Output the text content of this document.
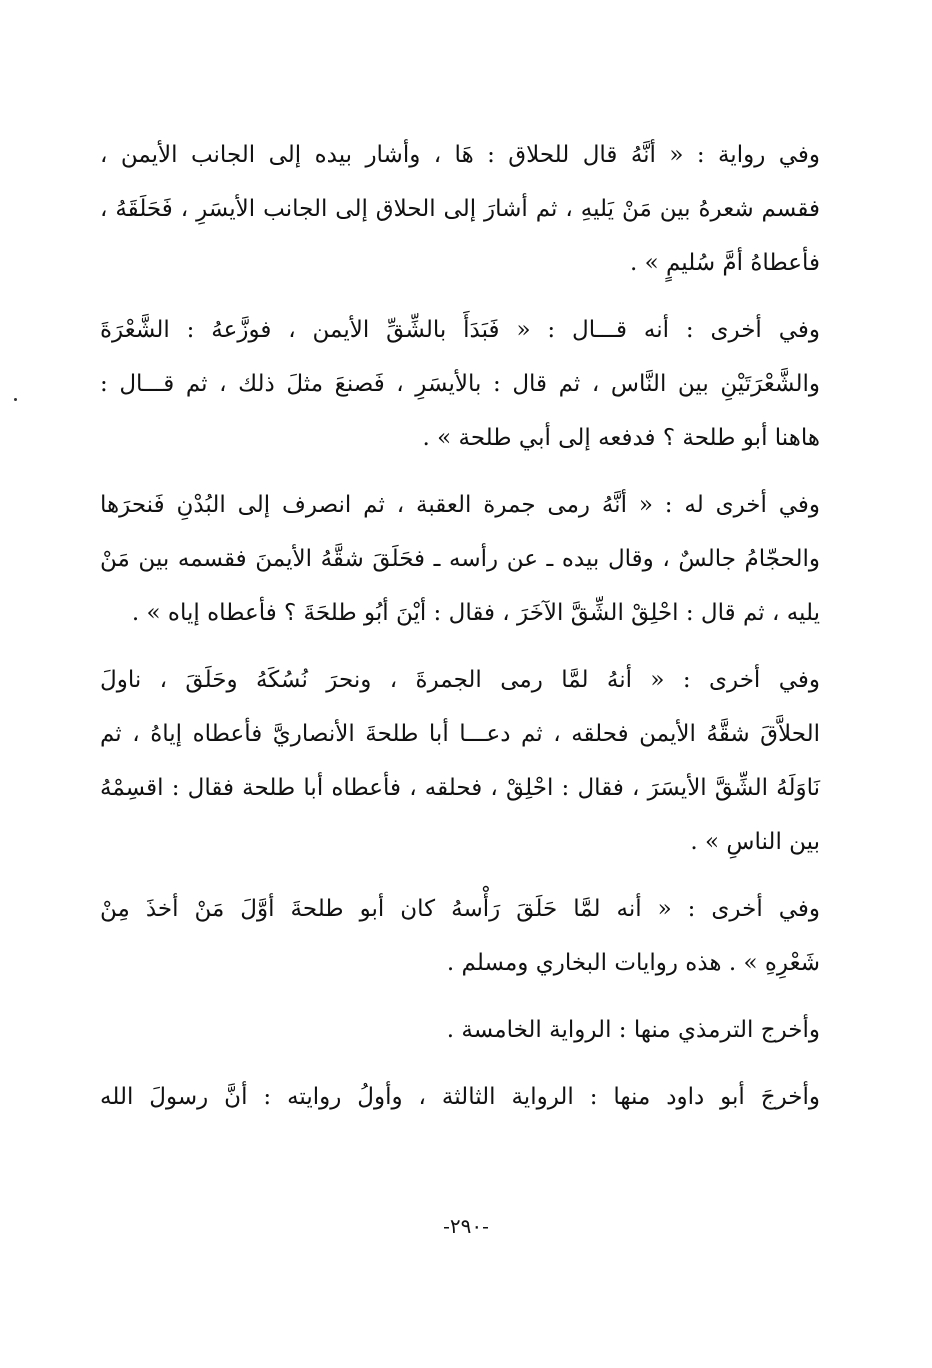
وفي رواية : « أنَّهُ قال للحلاق : هَا ، وأشار بيده إلى الجانب الأيمن ،
فقسم شعرهُ بين مَنْ يَليهِ ، ثم أشارَ إلى الحلاق إلى الجانب الأيسَرِ ، فَحَلَقَهُ ،
فأعطاهُ أمَّ سُليمٍ » .
وفي أخرى : أنه قـــال : « فَبَدَأَ بالشِّقِّ الأيمن ، فوزَّعهُ : الشَّعْرَةَ
والشَّعْرَتَيْنِ بين النَّاس ، ثم قال : بالأيسَرِ ، فَصنعَ مثلَ ذلك ، ثم قـــال :
هاهنا أبو طلحة ؟ فدفعه إلى أبي طلحة » .
وفي أخرى له : « أنَّهُ رمى جمرة العقبة ، ثم انصرف إلى البُدْنِ فَنحرَها
والحجّامُ جالسٌ ، وقال بيده ـ عن رأسه ـ فحَلَقَ شقَّهُ الأيمنَ فقسمه بين مَنْ
يليه ، ثم قال : احْلِقْ الشِّقَّ الآخَرَ ، فقال : أيْنَ أبُو طلحَةَ ؟ فأعطاه إياه » .
وفي أخرى : « أنهُ لمَّا رمى الجمرةَ ، ونحرَ نُسُكَهُ وحَلَقَ ، ناولَ
الحلاَّقَ شقَّهُ الأيمن فحلقه ، ثم دعـــا أبا طلحةَ الأنصاريَّ فأعطاه إياهُ ، ثم
نَاوَلَهُ الشِّقَّ الأيسَرَ ، فقال : احْلِقْ ، فحلقه ، فأعطاه أبا طلحة فقال : اقسِمْهُ
بين الناسِ » .
وفي أخرى : « أنه لمَّا حَلَقَ رَأْسهُ كان أبو طلحةَ أوَّلَ مَنْ أخذَ مِنْ
شَعْرِهِ » . هذه روايات البخاري ومسلم .
وأخرج الترمذي منها : الرواية الخامسة .
وأخرجَ أبو داود منها : الرواية الثالثة ، وأولُ روايته : أنَّ رسولَ الله
-٢٩٠-
